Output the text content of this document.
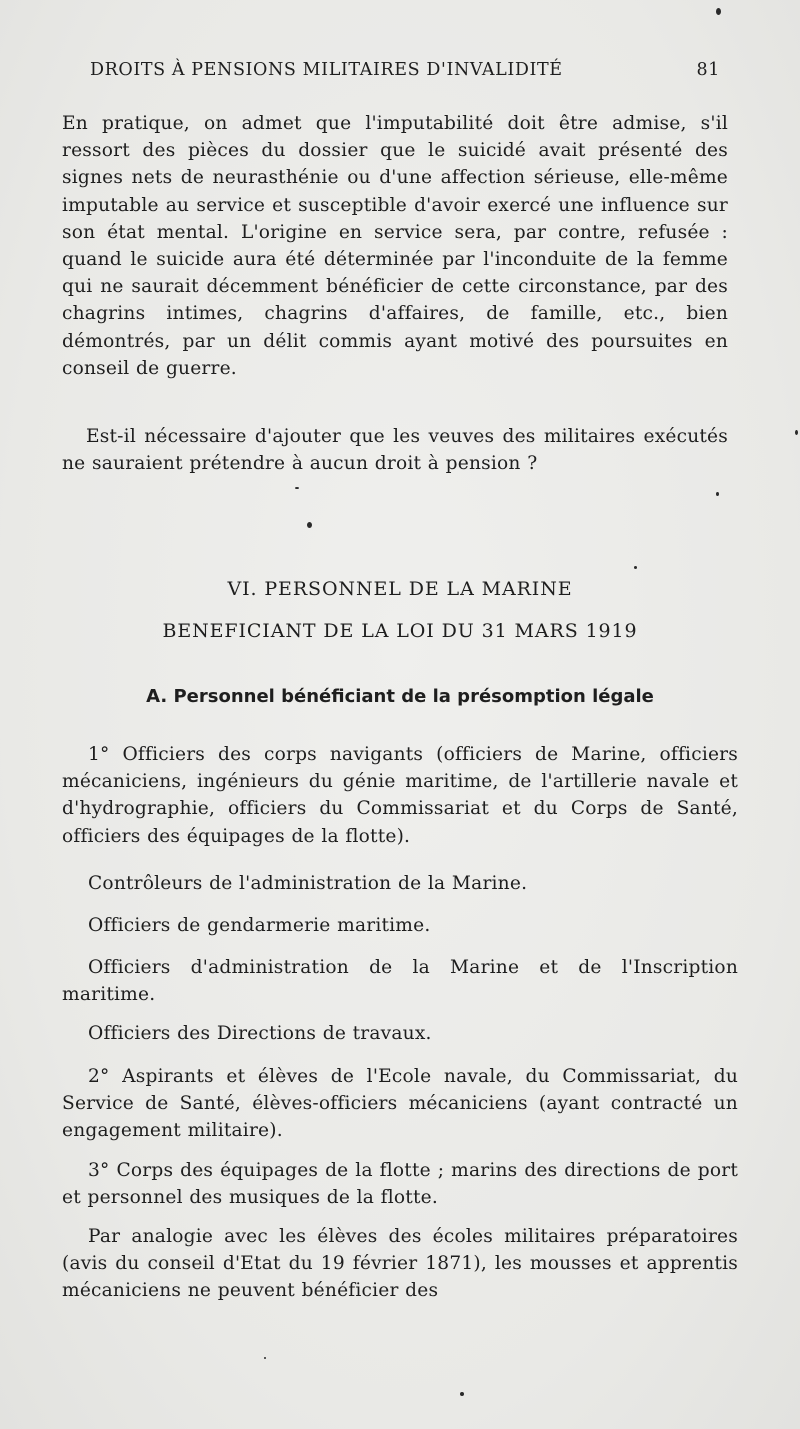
DROITS À PENSIONS MILITAIRES D'INVALIDITÉ	81

En pratique, on admet que l'imputabilité doit être admise, s'il ressort des pièces du dossier que le suicidé avait présenté des signes nets de neurasthénie ou d'une affection sérieuse, elle-même imputable au service et susceptible d'avoir exercé une influence sur son état mental. L'origine en service sera, par contre, refusée : quand le suicide aura été déterminée par l'inconduite de la femme qui ne saurait décemment bénéficier de cette circonstance, par des chagrins intimes, chagrins d'affaires, de famille, etc., bien démontrés, par un délit commis ayant motivé des poursuites en conseil de guerre.

Est-il nécessaire d'ajouter que les veuves des militaires exécutés ne sauraient prétendre à aucun droit à pension ?

VI. PERSONNEL DE LA MARINE
BENEFICIANT DE LA LOI DU 31 MARS 1919
A. Personnel bénéficiant de la présomption légale

1° Officiers des corps navigants (officiers de Marine, officiers mécaniciens, ingénieurs du génie maritime, de l'artillerie navale et d'hydrographie, officiers du Commissariat et du Corps de Santé, officiers des équipages de la flotte).

Contrôleurs de l'administration de la Marine.

Officiers de gendarmerie maritime.

Officiers d'administration de la Marine et de l'Inscription maritime.

Officiers des Directions de travaux.

2° Aspirants et élèves de l'Ecole navale, du Commissariat, du Service de Santé, élèves-officiers mécaniciens (ayant contracté un engagement militaire).

3° Corps des équipages de la flotte ; marins des directions de port et personnel des musiques de la flotte.

Par analogie avec les élèves des écoles militaires préparatoires (avis du conseil d'Etat du 19 février 1871), les mousses et apprentis mécaniciens ne peuvent bénéficier des
